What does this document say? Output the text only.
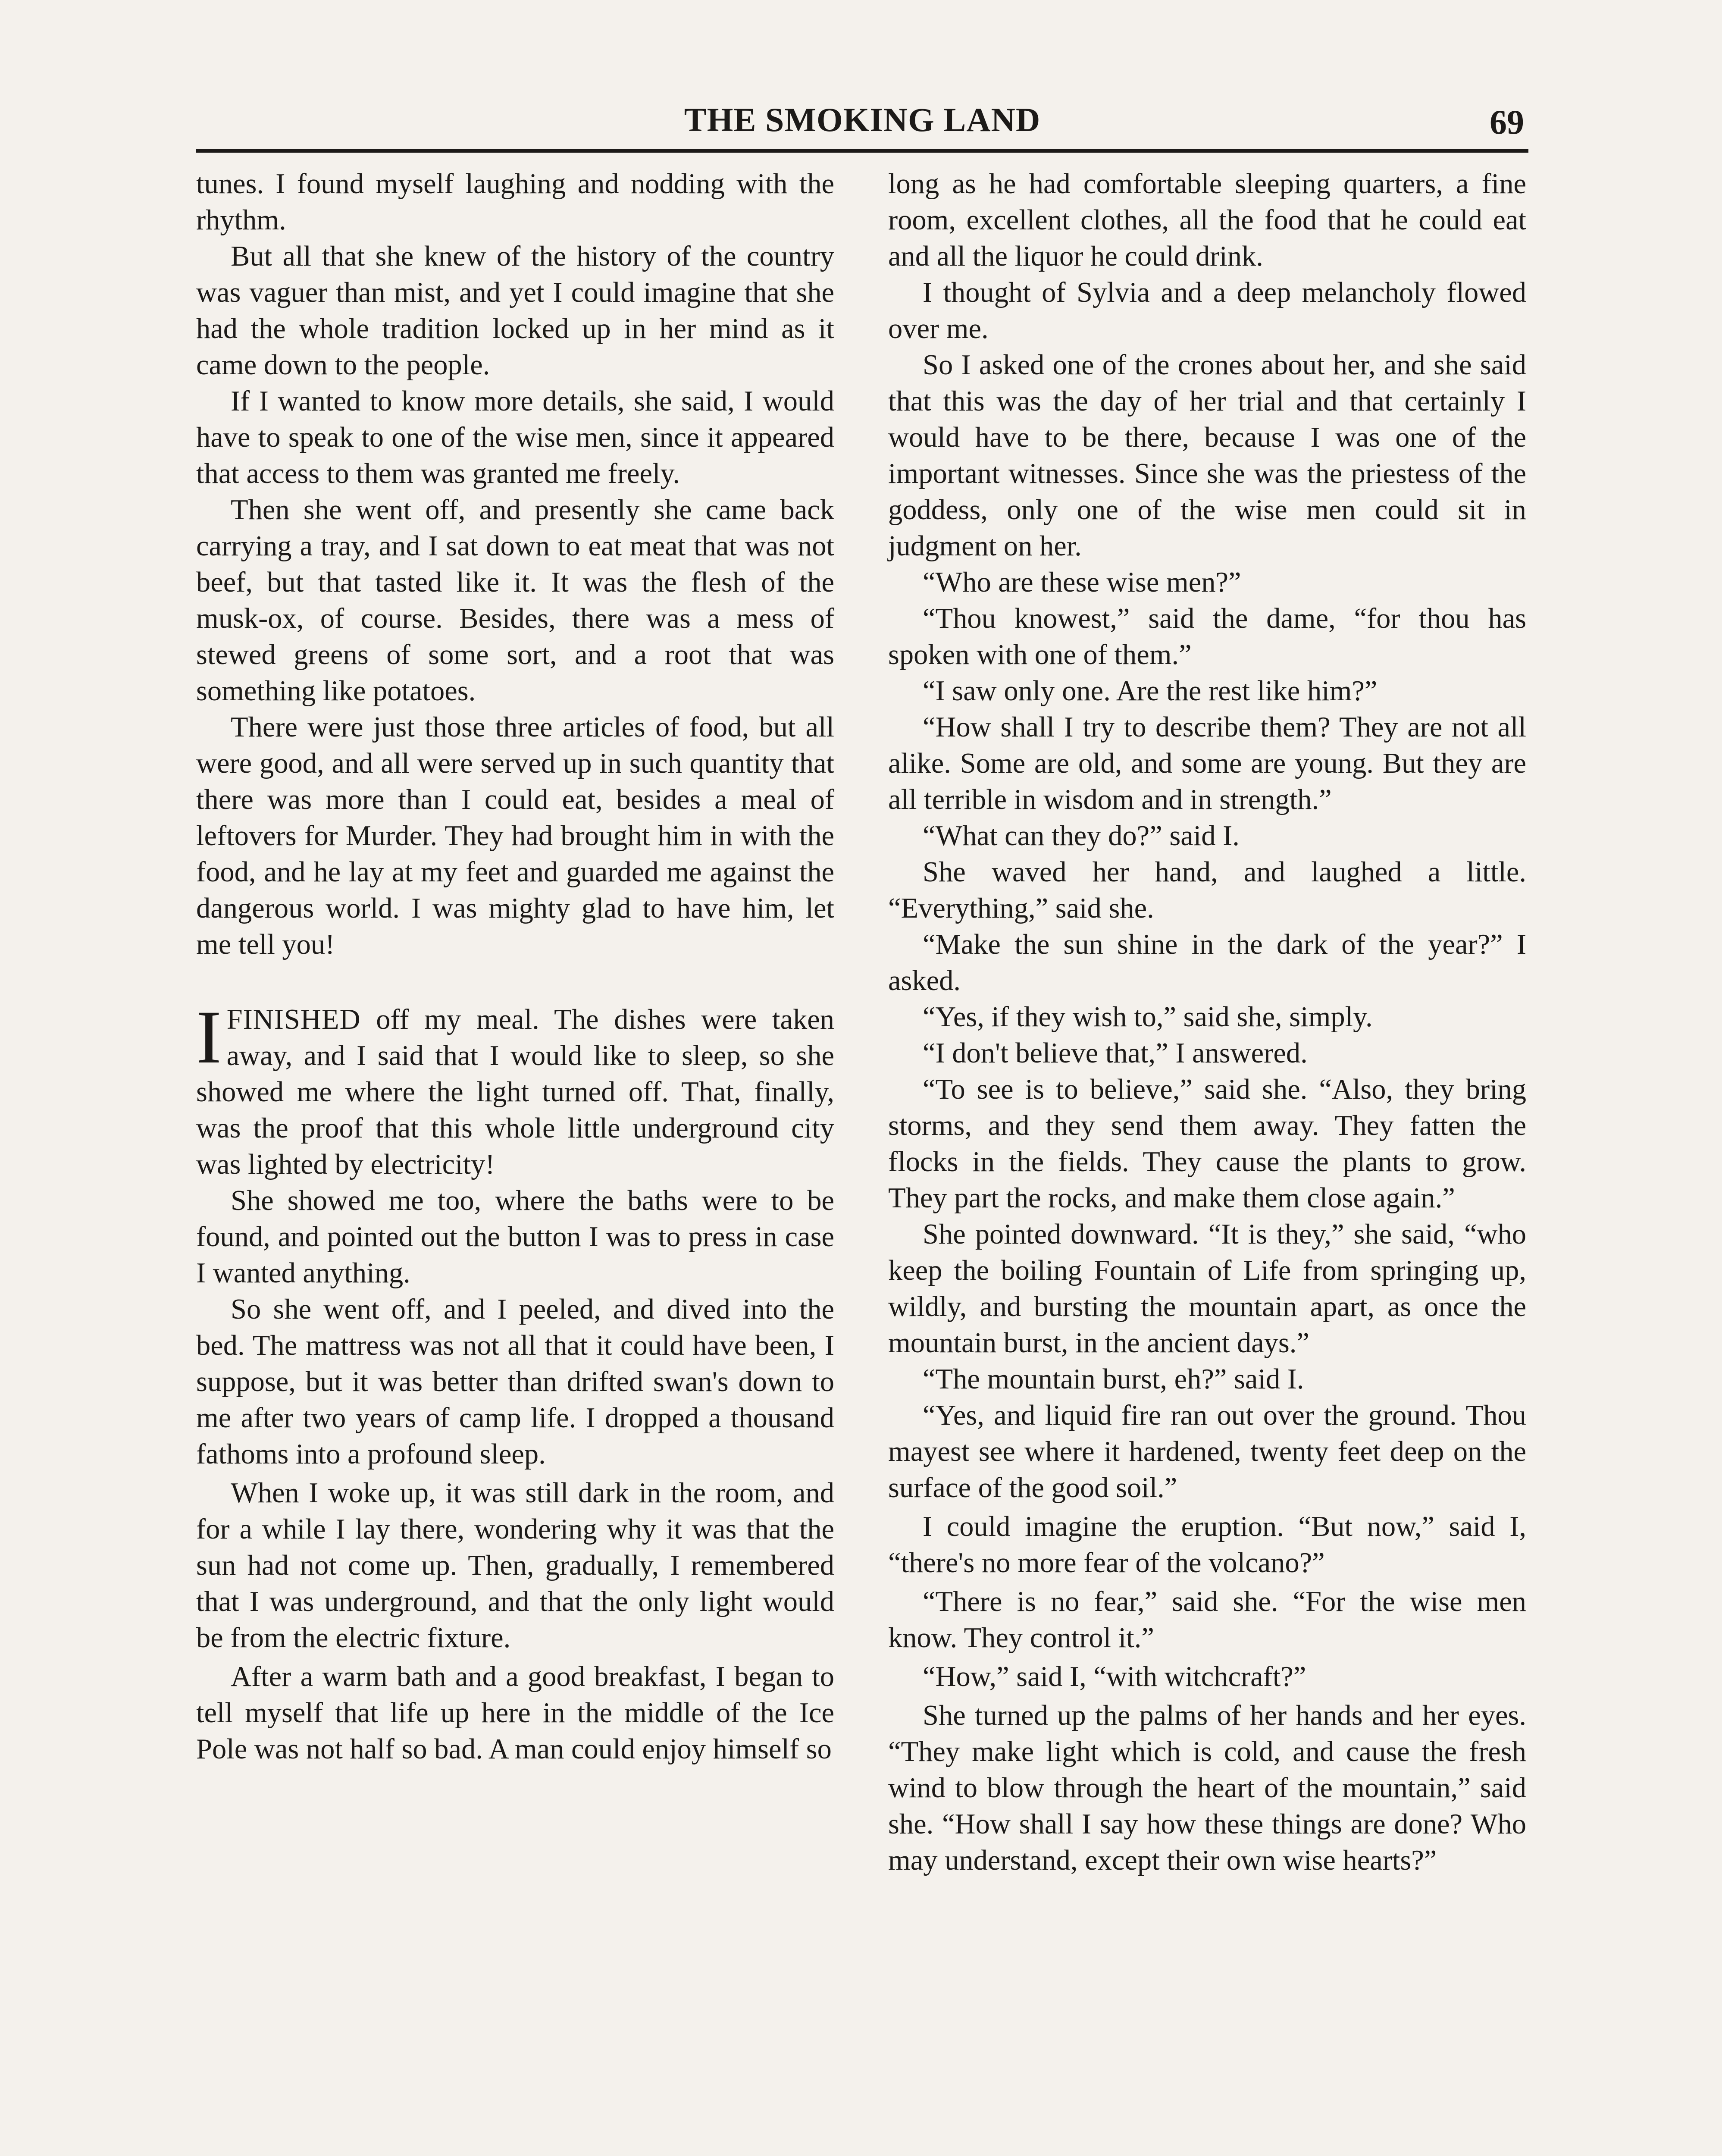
THE SMOKING LAND	69

tunes. I found myself laughing and nodding with the rhythm.

But all that she knew of the history of the country was vaguer than mist, and yet I could imagine that she had the whole tradition locked up in her mind as it came down to the people.

If I wanted to know more details, she said, I would have to speak to one of the wise men, since it appeared that access to them was granted me freely.

Then she went off, and presently she came back carrying a tray, and I sat down to eat meat that was not beef, but that tasted like it. It was the flesh of the musk-ox, of course. Besides, there was a mess of stewed greens of some sort, and a root that was something like potatoes.

There were just those three articles of food, but all were good, and all were served up in such quantity that there was more than I could eat, besides a meal of leftovers for Murder. They had brought him in with the food, and he lay at my feet and guarded me against the dangerous world. I was mighty glad to have him, let me tell you!

IFINISHED off my meal. The dishes were taken away, and I said that I would like to sleep, so she showed me where the light turned off. That, finally, was the proof that this whole little underground city was lighted by electricity!

She showed me too, where the baths were to be found, and pointed out the button I was to press in case I wanted anything.

So she went off, and I peeled, and dived into the bed. The mattress was not all that it could have been, I suppose, but it was better than drifted swan's down to me after two years of camp life. I dropped a thousand fathoms into a profound sleep.

When I woke up, it was still dark in the room, and for a while I lay there, wondering why it was that the sun had not come up. Then, gradually, I remembered that I was underground, and that the only light would be from the electric fixture.

After a warm bath and a good breakfast, I began to tell myself that life up here in the middle of the Ice Pole was not half so bad. A man could enjoy himself so

long as he had comfortable sleeping quarters, a fine room, excellent clothes, all the food that he could eat and all the liquor he could drink.

I thought of Sylvia and a deep melancholy flowed over me.

So I asked one of the crones about her, and she said that this was the day of her trial and that certainly I would have to be there, because I was one of the important witnesses. Since she was the priestess of the goddess, only one of the wise men could sit in judgment on her.

“Who are these wise men?”

“Thou knowest,” said the dame, “for thou has spoken with one of them.”

“I saw only one. Are the rest like him?”

“How shall I try to describe them? They are not all alike. Some are old, and some are young. But they are all terrible in wisdom and in strength.”

“What can they do?” said I.

She waved her hand, and laughed a little. “Everything,” said she.

“Make the sun shine in the dark of the year?” I asked.

“Yes, if they wish to,” said she, simply.

“I don't believe that,” I answered.

“To see is to believe,” said she. “Also, they bring storms, and they send them away. They fatten the flocks in the fields. They cause the plants to grow. They part the rocks, and make them close again.”

She pointed downward. “It is they,” she said, “who keep the boiling Fountain of Life from springing up, wildly, and bursting the mountain apart, as once the mountain burst, in the ancient days.”

“The mountain burst, eh?” said I.

“Yes, and liquid fire ran out over the ground. Thou mayest see where it hardened, twenty feet deep on the surface of the good soil.”

I could imagine the eruption. “But now,” said I, “there's no more fear of the volcano?”

“There is no fear,” said she. “For the wise men know. They control it.”

“How,” said I, “with witchcraft?”

She turned up the palms of her hands and her eyes. “They make light which is cold, and cause the fresh wind to blow through the heart of the mountain,” said she. “How shall I say how these things are done? Who may understand, except their own wise hearts?”
